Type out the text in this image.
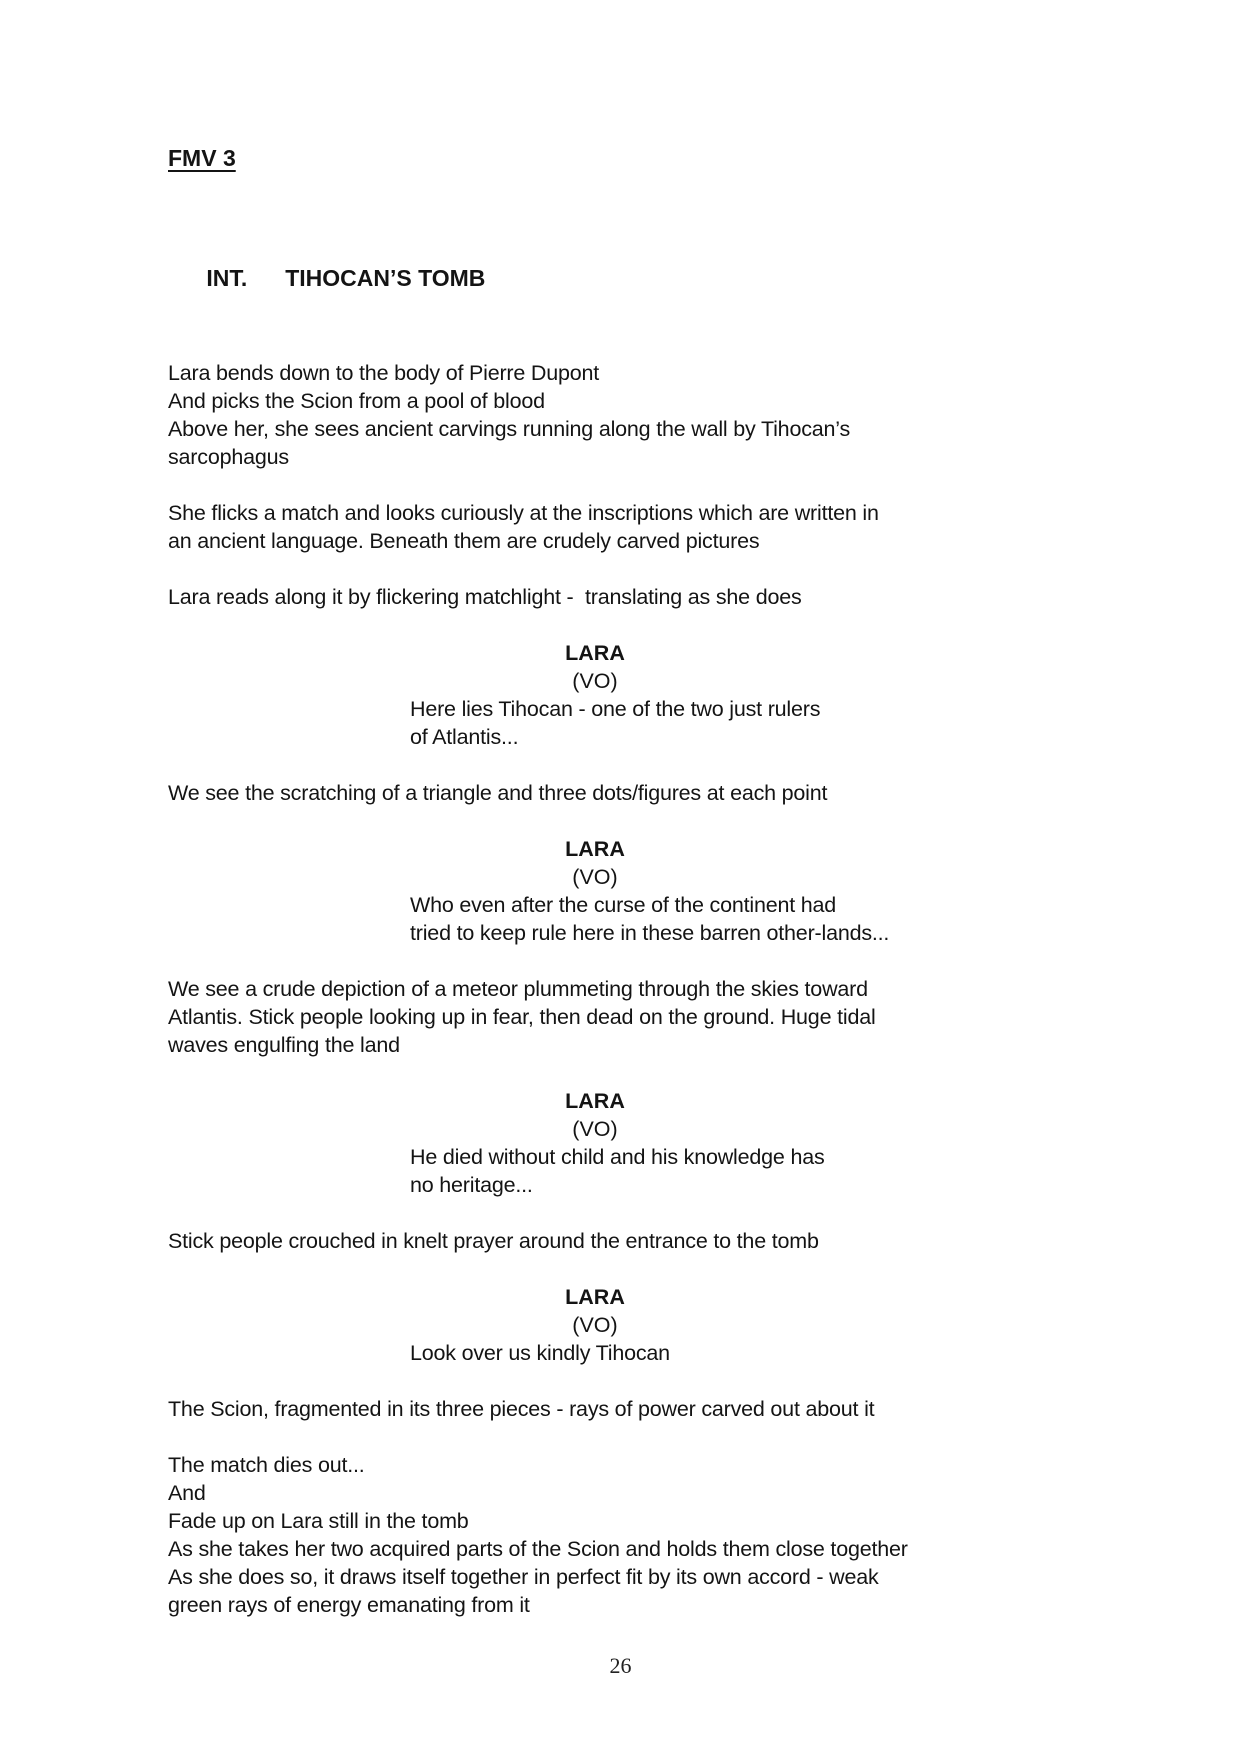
FMV 3

INT. TIHOCAN’S TOMB

Lara bends down to the body of Pierre Dupont
And picks the Scion from a pool of blood
Above her, she sees ancient carvings running along the wall by Tihocan’s
sarcophagus
She flicks a match and looks curiously at the inscriptions which are written in
an ancient language. Beneath them are crudely carved pictures
Lara reads along it by flickering matchlight -  translating as she does
LARA
(VO)
Here lies Tihocan - one of the two just rulers
of Atlantis...
We see the scratching of a triangle and three dots/figures at each point
LARA
(VO)
Who even after the curse of the continent had
tried to keep rule here in these barren other-lands...
We see a crude depiction of a meteor plummeting through the skies toward
Atlantis. Stick people looking up in fear, then dead on the ground. Huge tidal
waves engulfing the land
LARA
(VO)
He died without child and his knowledge has
no heritage...
Stick people crouched in knelt prayer around the entrance to the tomb
LARA
(VO)
Look over us kindly Tihocan
The Scion, fragmented in its three pieces - rays of power carved out about it
The match dies out...
And
Fade up on Lara still in the tomb
As she takes her two acquired parts of the Scion and holds them close together
As she does so, it draws itself together in perfect fit by its own accord - weak
green rays of energy emanating from it
26
